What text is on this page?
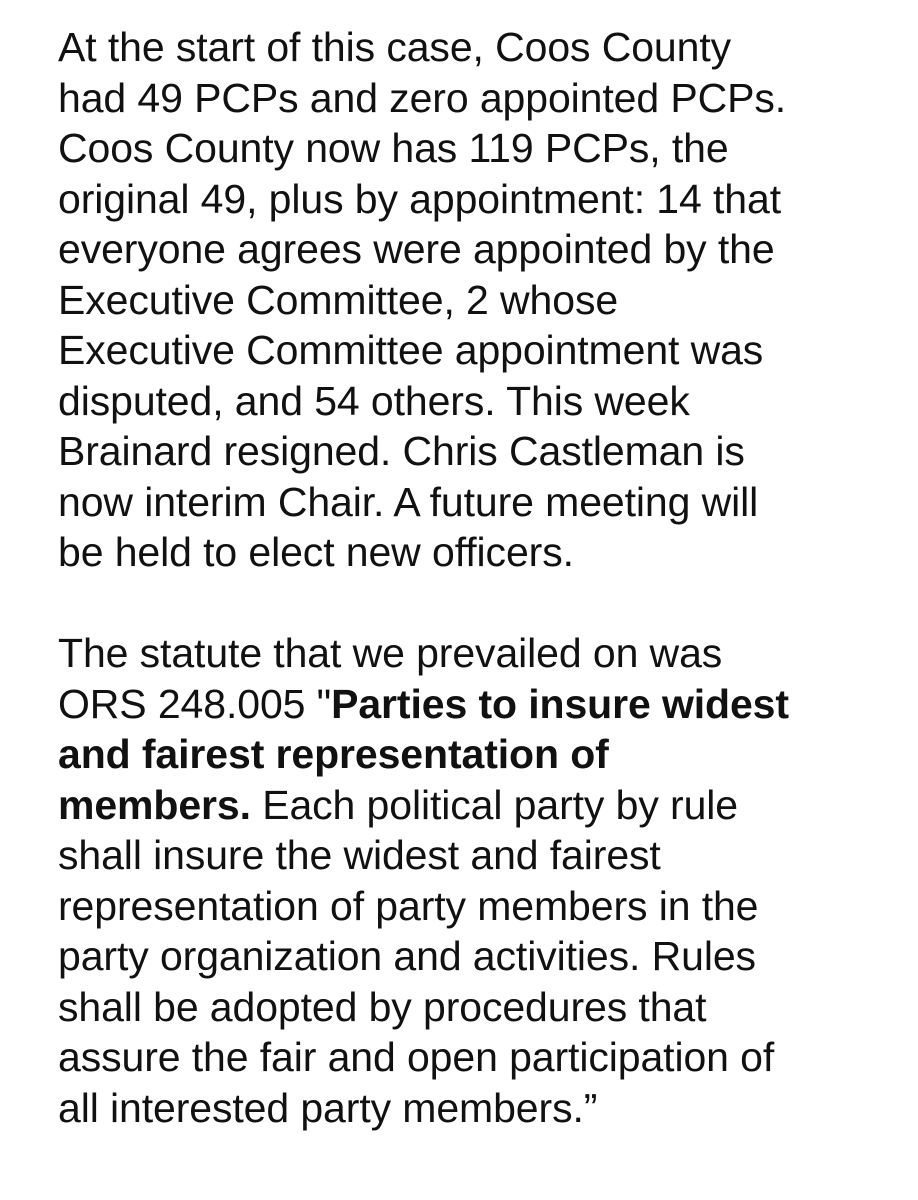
At the start of this case, Coos County
had 49 PCPs and zero appointed PCPs.
Coos County now has 119 PCPs, the
original 49, plus by appointment: 14 that
everyone agrees were appointed by the
Executive Committee, 2 whose
Executive Committee appointment was
disputed, and 54 others. This week
Brainard resigned. Chris Castleman is
now interim Chair. A future meeting will
be held to elect new officers.
The statute that we prevailed on was
ORS 248.005 "Parties to insure widest
and fairest representation of
members. Each political party by rule
shall insure the widest and fairest
representation of party members in the
party organization and activities. Rules
shall be adopted by procedures that
assure the fair and open participation of
all interested party members.”
